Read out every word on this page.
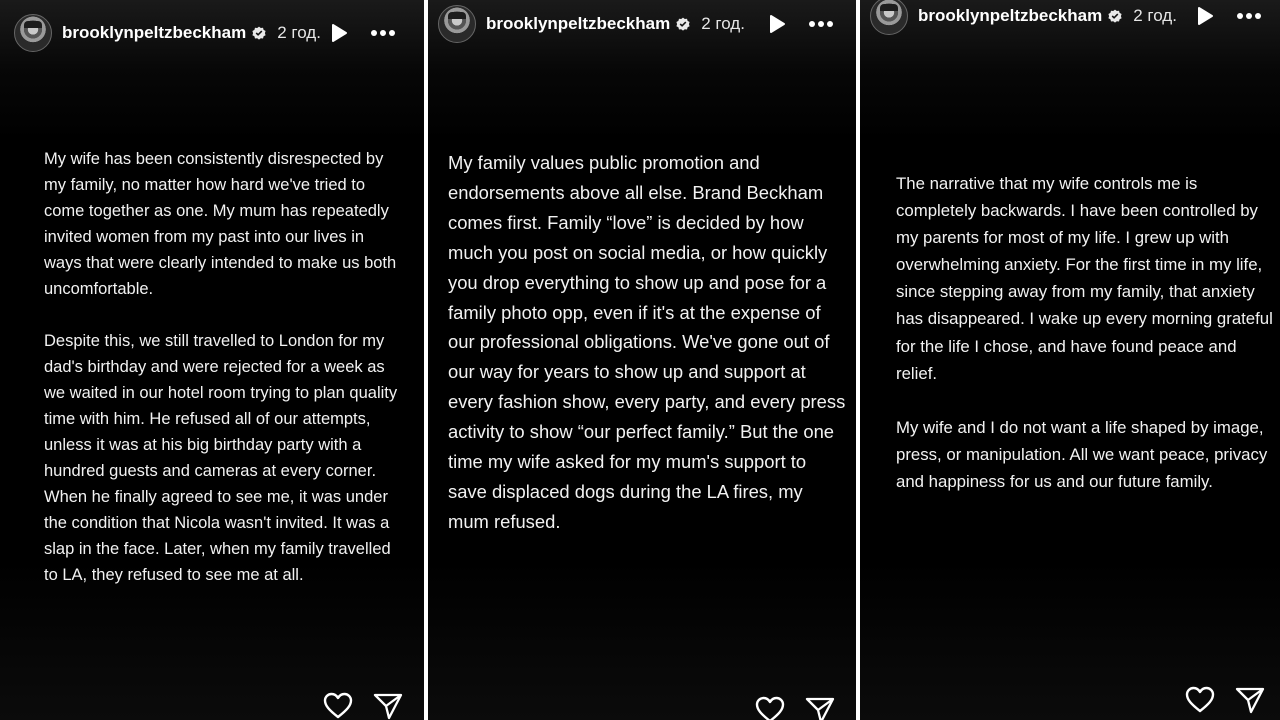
brooklynpeltzbeckham 2 год.
My wife has been consistently disrespected by my family, no matter how hard we've tried to come together as one. My mum has repeatedly invited women from my past into our lives in ways that were clearly intended to make us both uncomfortable.

Despite this, we still travelled to London for my dad's birthday and were rejected for a week as we waited in our hotel room trying to plan quality time with him. He refused all of our attempts, unless it was at his big birthday party with a hundred guests and cameras at every corner. When he finally agreed to see me, it was under the condition that Nicola wasn't invited. It was a slap in the face. Later, when my family travelled to LA, they refused to see me at all.
brooklynpeltzbeckham 2 год.
My family values public promotion and endorsements above all else. Brand Beckham comes first. Family “love” is decided by how much you post on social media, or how quickly you drop everything to show up and pose for a family photo opp, even if it's at the expense of our professional obligations. We've gone out of our way for years to show up and support at every fashion show, every party, and every press activity to show “our perfect family.” But the one time my wife asked for my mum's support to save displaced dogs during the LA fires, my mum refused.
brooklynpeltzbeckham 2 год.
The narrative that my wife controls me is completely backwards. I have been controlled by my parents for most of my life. I grew up with overwhelming anxiety. For the first time in my life, since stepping away from my family, that anxiety has disappeared. I wake up every morning grateful for the life I chose, and have found peace and relief.

My wife and I do not want a life shaped by image, press, or manipulation. All we want peace, privacy and happiness for us and our future family.
